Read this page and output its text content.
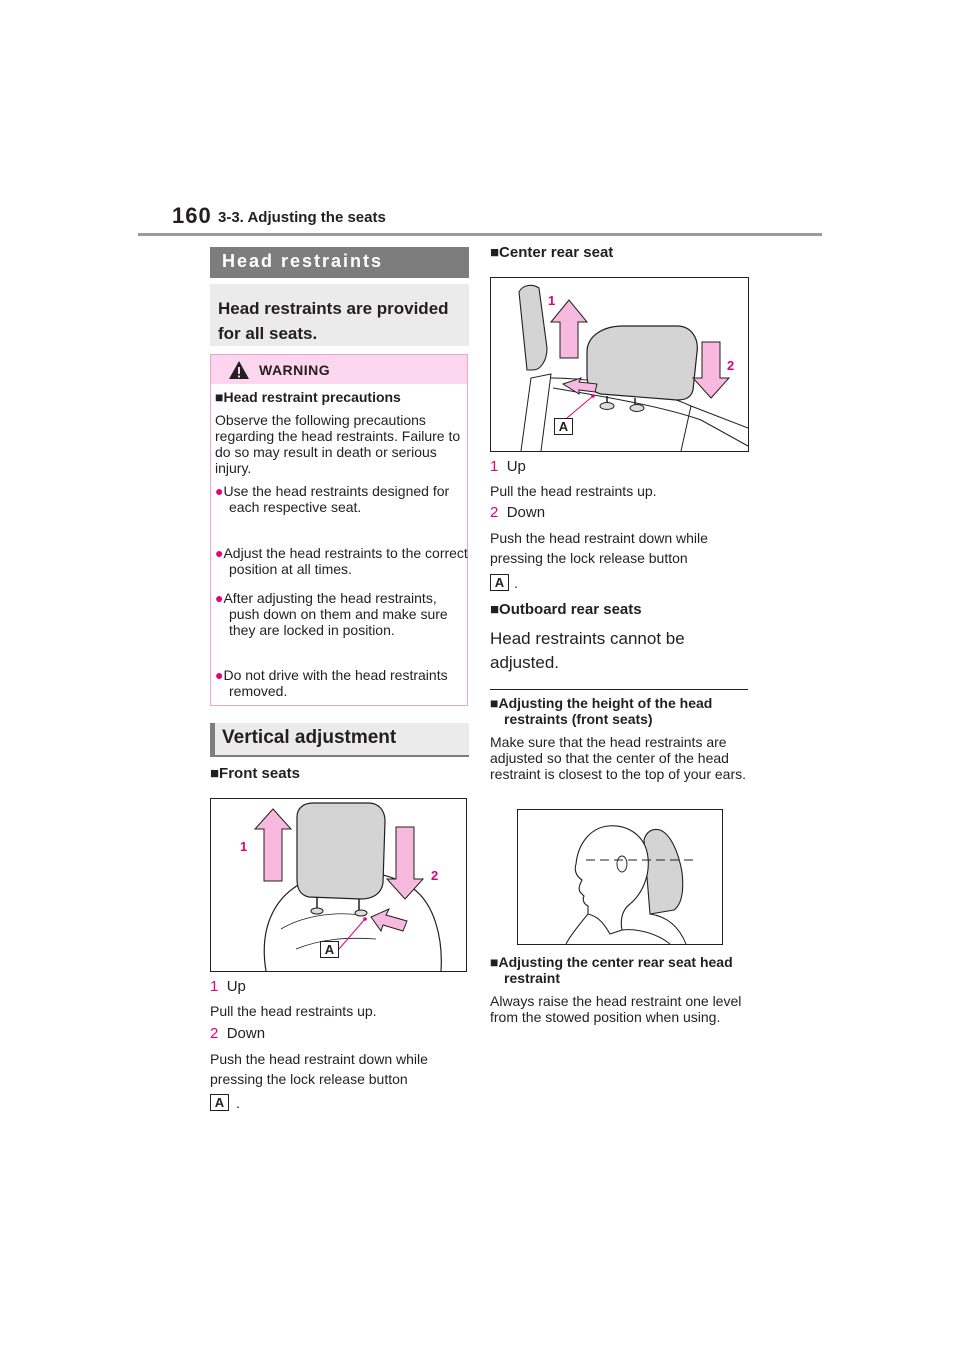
160 3-3. Adjusting the seats
Head restraints
Head restraints are provided for all seats.
WARNING
■Head restraint precautions
Observe the following precautions regarding the head restraints. Failure to do so may result in death or serious injury.
●Use the head restraints designed for each respective seat.
●Adjust the head restraints to the correct position at all times.
●After adjusting the head restraints, push down on them and make sure they are locked in position.
●Do not drive with the head restraints removed.
Vertical adjustment
■Front seats
1
2
A
1 Up
Pull the head restraints up.
2 Down
Push the head restraint down while pressing the lock release button
A .
■Center rear seat
1
2
A
1 Up
Pull the head restraints up.
2 Down
Push the head restraint down while pressing the lock release button
A .
■Outboard rear seats
Head restraints cannot be adjusted.
■Adjusting the height of the head restraints (front seats)
Make sure that the head restraints are adjusted so that the center of the head restraint is closest to the top of your ears.
■Adjusting the center rear seat head restraint
Always raise the head restraint one level from the stowed position when using.
